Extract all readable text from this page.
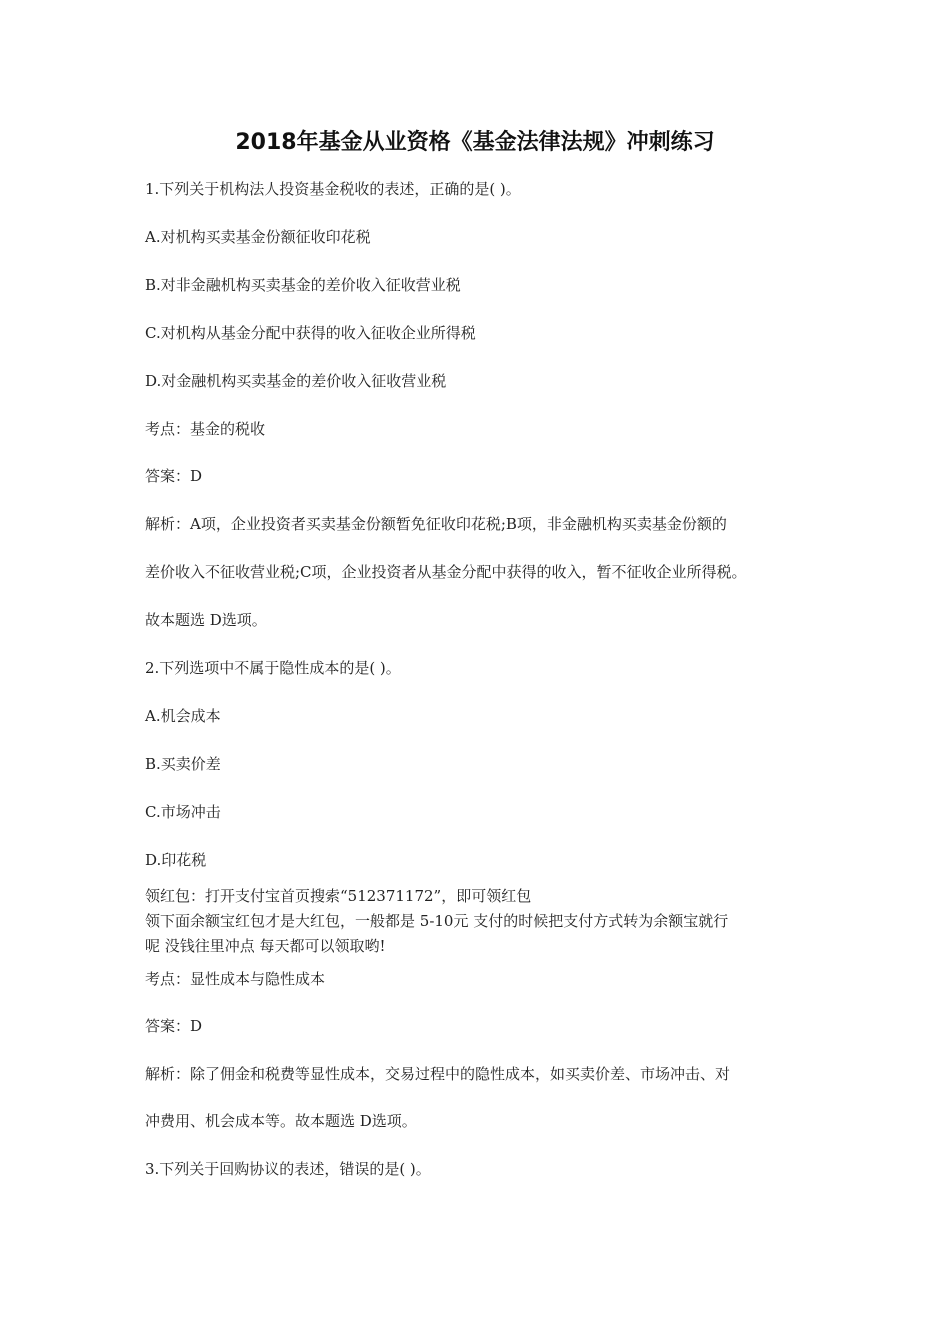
2018年基金从业资格《基金法律法规》冲刺练习
1.下列关于机构法人投资基金税收的表述，正确的是( )。
A.对机构买卖基金份额征收印花税
B.对非金融机构买卖基金的差价收入征收营业税
C.对机构从基金分配中获得的收入征收企业所得税
D.对金融机构买卖基金的差价收入征收营业税
考点：基金的税收
答案：D
解析：A项，企业投资者买卖基金份额暂免征收印花税;B项，非金融机构买卖基金份额的
差价收入不征收营业税;C项，企业投资者从基金分配中获得的收入，暂不征收企业所得税。
故本题选 D选项。
2.下列选项中不属于隐性成本的是( )。
A.机会成本
B.买卖价差
C.市场冲击
D.印花税
领红包：打开支付宝首页搜索“512371172”，即可领红包
领下面余额宝红包才是大红包，一般都是 5-10元 支付的时候把支付方式转为余额宝就行
呢 没钱往里冲点 每天都可以领取哟!
考点：显性成本与隐性成本
答案：D
解析：除了佣金和税费等显性成本，交易过程中的隐性成本，如买卖价差、市场冲击、对
冲费用、机会成本等。故本题选 D选项。
3.下列关于回购协议的表述，错误的是( )。
